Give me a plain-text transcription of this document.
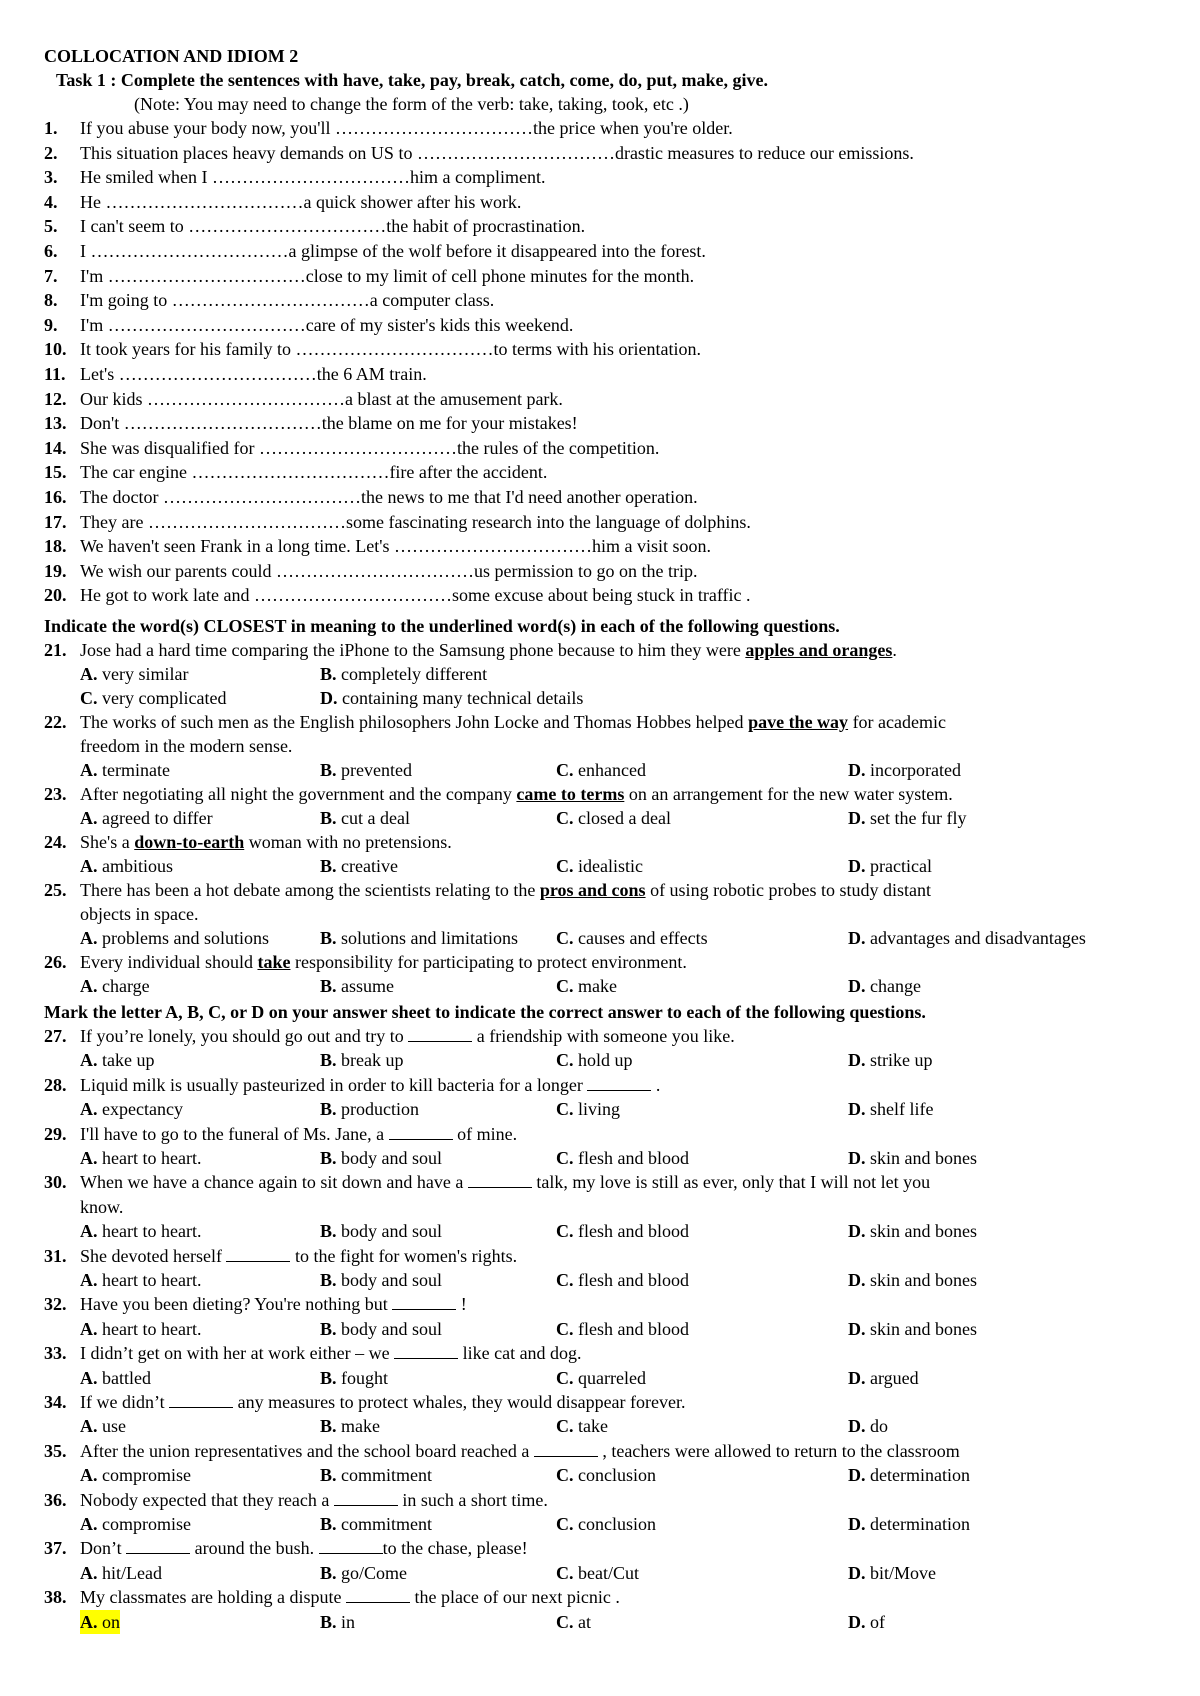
COLLOCATION AND IDIOM 2
Task 1 : Complete the sentences with have, take, pay, break, catch, come, do, put, make, give.
(Note: You may need to change the form of the verb: take, taking, took, etc .)
1.	If you abuse your body now, you'll ……………………………the price when you're older.
2.	This situation places heavy demands on US to ……………………………drastic measures to reduce our emissions.
3.	He smiled when I ……………………………him a compliment.
4.	He ……………………………a quick shower after his work.
5.	I can't seem to ……………………………the habit of procrastination.
6.	I ……………………………a glimpse of the wolf before it disappeared into the forest.
7.	I'm ……………………………close to my limit of cell phone minutes for the month.
8.	I'm going to ……………………………a computer class.
9.	I'm ……………………………care of my sister's kids this weekend.
10. It took years for his family to ……………………………to terms with his orientation.
11. Let's ……………………………the 6 AM train.
12. Our kids ……………………………a blast at the amusement park.
13. Don't ……………………………the blame on me for your mistakes!
14. She was disqualified for ……………………………the rules of the competition.
15. The car engine ……………………………fire after the accident.
16. The doctor ……………………………the news to me that I'd need another operation.
17. They are ……………………………some fascinating research into the language of dolphins.
18. We haven't seen Frank in a long time. Let's ……………………………him a visit soon.
19. We wish our parents could ……………………………us permission to go on the trip.
20. He got to work late and ……………………………some excuse about being stuck in traffic .
Indicate the word(s) CLOSEST in meaning to the underlined word(s) in each of the following questions.
21. Jose had a hard time comparing the iPhone to the Samsung phone because to him they were apples and oranges.
A. very similar	B. completely different
C. very complicated	D. containing many technical details
22. The works of such men as the English philosophers John Locke and Thomas Hobbes helped pave the way for academic
freedom in the modern sense.
A. terminate	B. prevented	C. enhanced	D. incorporated
23. After negotiating all night the government and the company came to terms on an arrangement for the new water system.
A. agreed to differ	B. cut a deal	C. closed a deal	D. set the fur fly
24. She's a down-to-earth woman with no pretensions.
A. ambitious	B. creative	C. idealistic	D. practical
25. There has been a hot debate among the scientists relating to the pros and cons of using robotic probes to study distant
objects in space.
A. problems and solutions	B. solutions and limitations C. causes and effects	D. advantages and disadvantages
26. Every individual should take responsibility for participating to protect environment.
A. charge	B. assume	C. make	D. change
Mark the letter A, B, C, or D on your answer sheet to indicate the correct answer to each of the following questions.
27. If you’re lonely, you should go out and try to	a friendship with someone you like.
A. take up	B. break up	C. hold up	D. strike up
28. Liquid milk is usually pasteurized in order to kill bacteria for a longer	.
A. expectancy	B. production	C. living	D. shelf life
29. I'll have to go to the funeral of Ms. Jane, a	of mine.
A. heart to heart.	B. body and soul	C. flesh and blood	D. skin and bones
30. When we have a chance again to sit down and have a	talk, my love is still as ever, only that I will not let you
know.
A. heart to heart.	B. body and soul	C. flesh and blood	D. skin and bones
31. She devoted herself	to the fight for women's rights.
A. heart to heart.	B. body and soul	C. flesh and blood	D. skin and bones
32. Have you been dieting? You're nothing but	!
A. heart to heart.	B. body and soul	C. flesh and blood	D. skin and bones
33. I didn’t get on with her at work either – we	like cat and dog.
A. battled	B. fought	C. quarreled	D. argued
34. If we didn’t	any measures to protect whales, they would disappear forever.
A. use	B. make	C. take	D. do
35. After the union representatives and the school board reached a	, teachers were allowed to return to the classroom
A. compromise	B. commitment	C. conclusion	D. determination
36. Nobody expected that they reach a	in such a short time.
A. compromise	B. commitment	C. conclusion	D. determination
37. Don’t	around the bush.	to the chase, please!
A. hit/Lead	B. go/Come	C. beat/Cut	D. bit/Move
38. My classmates are holding a dispute	the place of our next picnic .
A. on	B. in	C. at	D. of
